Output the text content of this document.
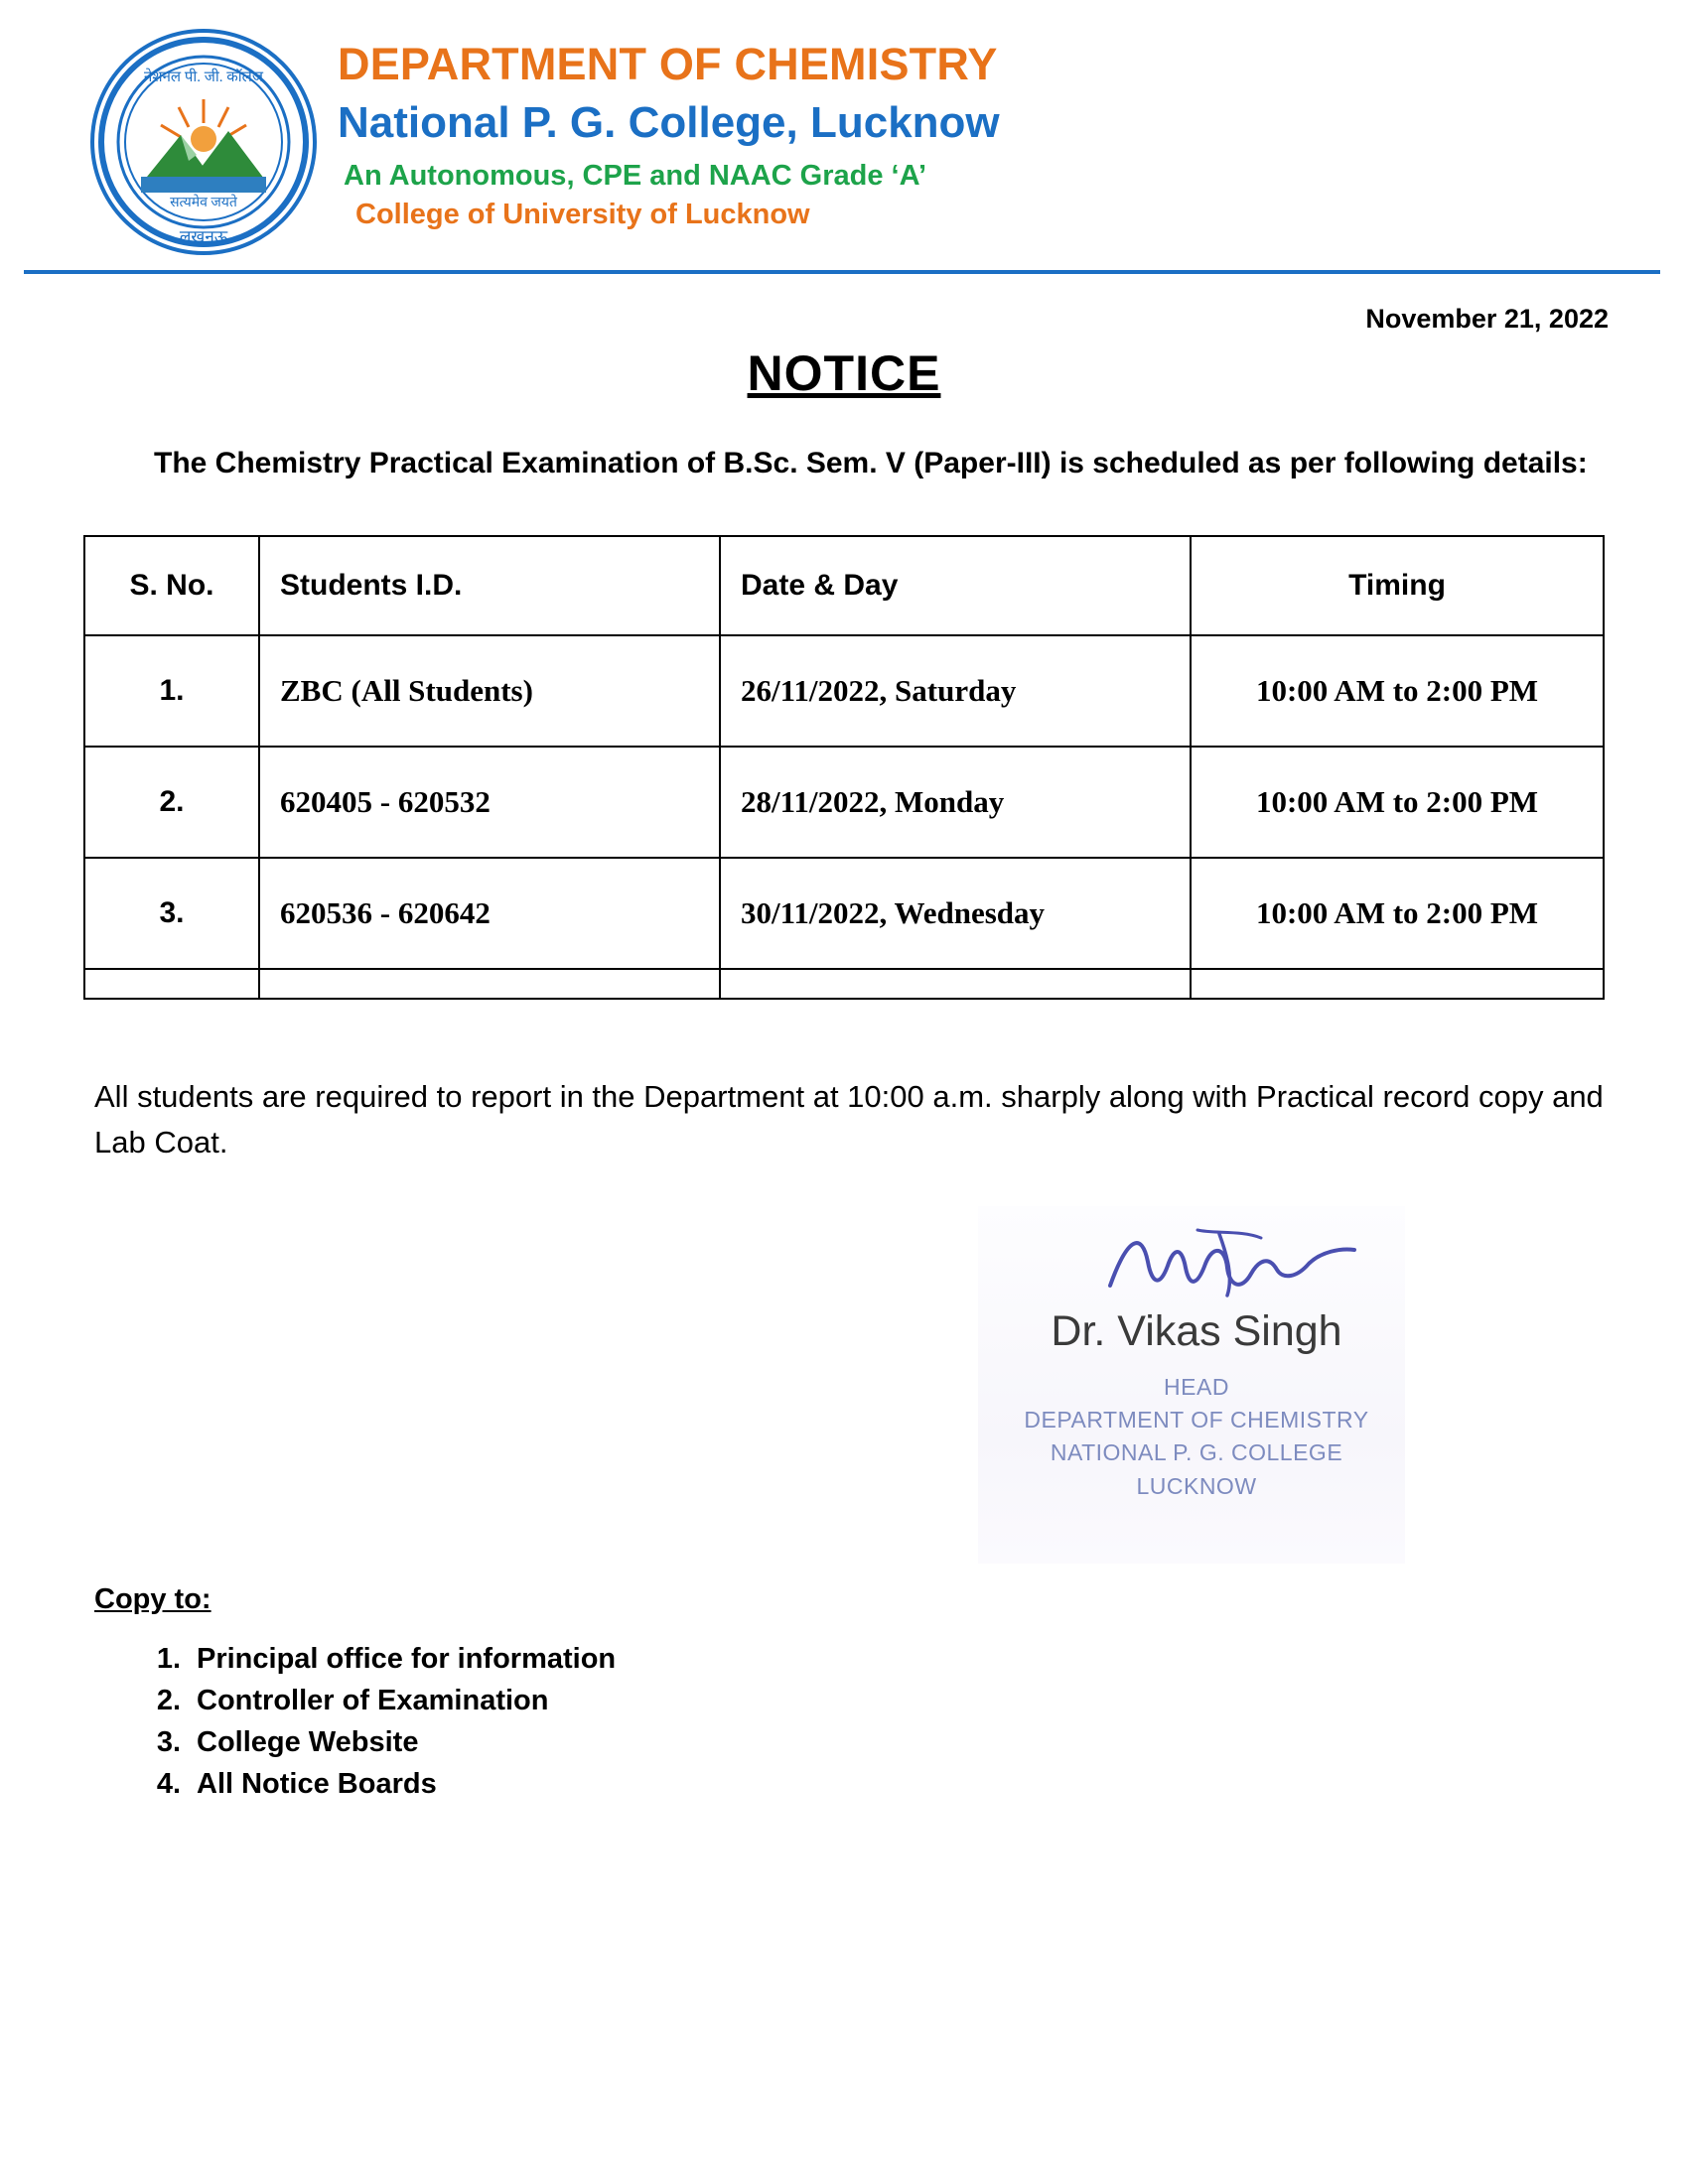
नेशनल पी. जी. कॉलेज
सत्यमेव जयते
लखनऊ
DEPARTMENT OF CHEMISTRY
National P. G. College, Lucknow
An Autonomous, CPE and NAAC Grade ‘A’
College of University of Lucknow
November 21, 2022
NOTICE
The Chemistry Practical Examination of B.Sc. Sem. V (Paper-III) is scheduled as per following details:
S. No.	Students I.D.	Date & Day	Timing
1.	ZBC (All Students)	26/11/2022, Saturday	10:00 AM to 2:00 PM
2.	620405 - 620532	28/11/2022, Monday	10:00 AM to 2:00 PM
3.	620536 - 620642	30/11/2022, Wednesday	10:00 AM to 2:00 PM

All students are required to report in the Department at 10:00 a.m. sharply along with Practical record copy and Lab Coat.
Dr. Vikas Singh
HEAD
DEPARTMENT OF CHEMISTRY
NATIONAL P. G. COLLEGE
LUCKNOW
Copy to:
1. Principal office for information
2. Controller of Examination
3. College Website
4. All Notice Boards
